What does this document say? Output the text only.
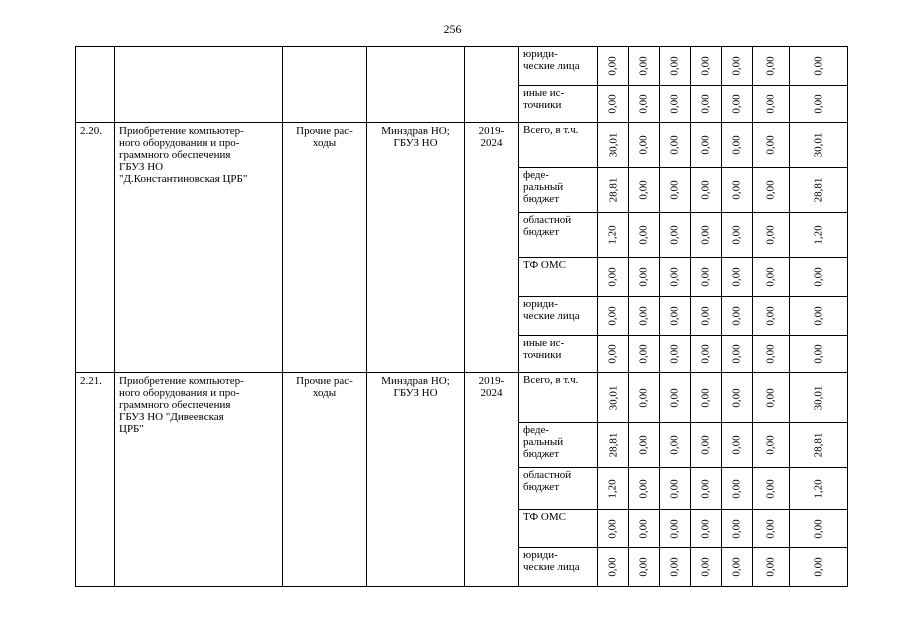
256

					юриди-
ческие лица	0,00	0,00	0,00	0,00	0,00	0,00	0,00

					иные ис-
точники	0,00	0,00	0,00	0,00	0,00	0,00	0,00

2.20.	Приобретение компьютер-
ного оборудования и про-
граммного обеспечения
ГБУЗ НО
"Д.Константиновская ЦРБ"	Прочие рас-
ходы	Минздрав НО;
ГБУЗ НО	2019-
2024	Всего, в т.ч.	30,01	0,00	0,00	0,00	0,00	0,00	30,01

					феде-
ральный
бюджет	28,81	0,00	0,00	0,00	0,00	0,00	28,81

					областной
бюджет	1,20	0,00	0,00	0,00	0,00	0,00	1,20

					ТФ ОМС	0,00	0,00	0,00	0,00	0,00	0,00	0,00

					юриди-
ческие лица	0,00	0,00	0,00	0,00	0,00	0,00	0,00

					иные ис-
точники	0,00	0,00	0,00	0,00	0,00	0,00	0,00

2.21.	Приобретение компьютер-
ного оборудования и про-
граммного обеспечения
ГБУЗ НО "Дивеевская
ЦРБ"	Прочие рас-
ходы	Минздрав НО;
ГБУЗ НО	2019-
2024	Всего, в т.ч.	30,01	0,00	0,00	0,00	0,00	0,00	30,01

					феде-
ральный
бюджет	28,81	0,00	0,00	0,00	0,00	0,00	28,81

					областной
бюджет	1,20	0,00	0,00	0,00	0,00	0,00	1,20

					ТФ ОМС	0,00	0,00	0,00	0,00	0,00	0,00	0,00

					юриди-
ческие лица	0,00	0,00	0,00	0,00	0,00	0,00	0,00
